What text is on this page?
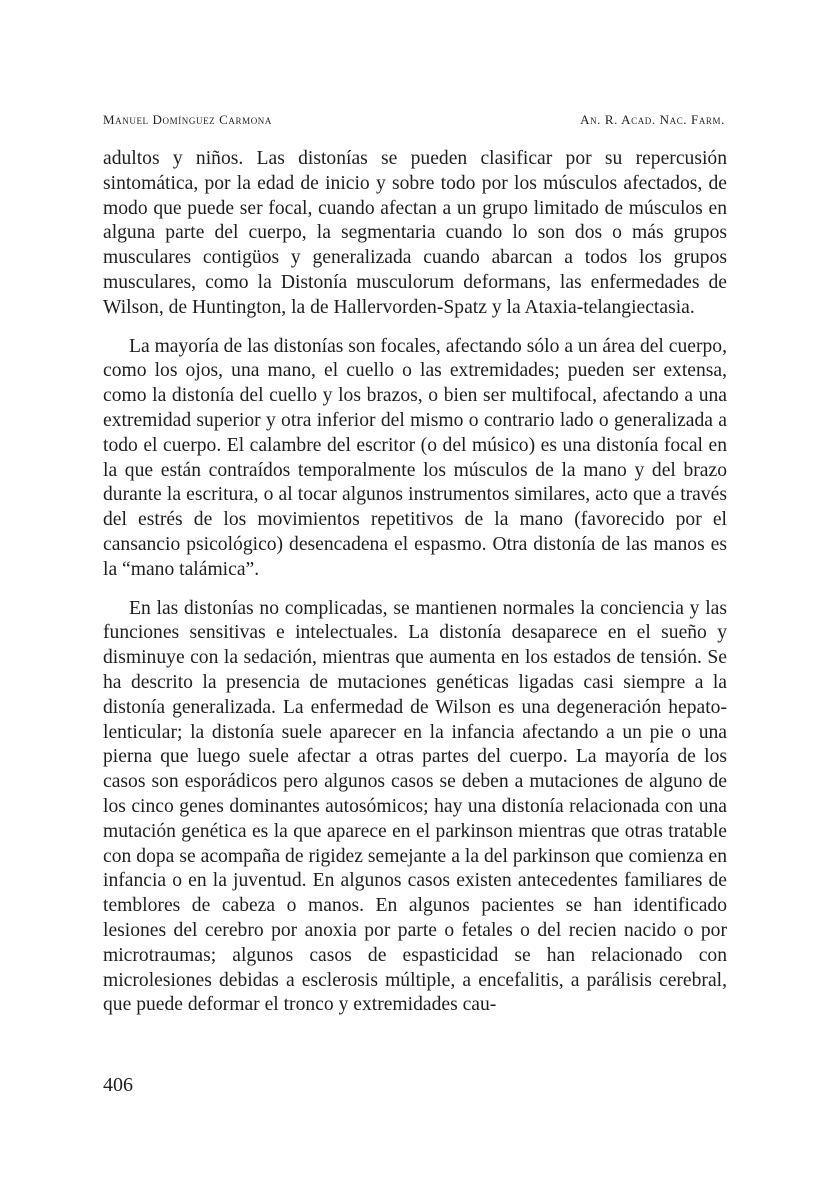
Manuel Domínguez Carmona	An. R. Acad. Nac. Farm.

adultos y niños. Las distonías se pueden clasificar por su repercusión sintomática, por la edad de inicio y sobre todo por los músculos afectados, de modo que puede ser focal, cuando afectan a un grupo limitado de músculos en alguna parte del cuerpo, la segmentaria cuando lo son dos o más grupos musculares contigüos y generalizada cuando abarcan a todos los grupos musculares, como la Distonía musculorum deformans, las enfermedades de Wilson, de Huntington, la de Hallervorden-Spatz y la Ataxia-telangiectasia.

La mayoría de las distonías son focales, afectando sólo a un área del cuerpo, como los ojos, una mano, el cuello o las extremidades; pueden ser extensa, como la distonía del cuello y los brazos, o bien ser multifocal, afectando a una extremidad superior y otra inferior del mismo o contrario lado o generalizada a todo el cuerpo. El calambre del escritor (o del músico) es una distonía focal en la que están contraídos temporalmente los músculos de la mano y del brazo durante la escritura, o al tocar algunos instrumentos similares, acto que a través del estrés de los movimientos repetitivos de la mano (favorecido por el cansancio psicológico) desencadena el espasmo. Otra distonía de las manos es la “mano talámica”.

En las distonías no complicadas, se mantienen normales la conciencia y las funciones sensitivas e intelectuales. La distonía desaparece en el sueño y disminuye con la sedación, mientras que aumenta en los estados de tensión. Se ha descrito la presencia de mutaciones genéticas ligadas casi siempre a la distonía generalizada. La enfermedad de Wilson es una degeneración hepato-lenticular; la distonía suele aparecer en la infancia afectando a un pie o una pierna que luego suele afectar a otras partes del cuerpo. La mayoría de los casos son esporádicos pero algunos casos se deben a mutaciones de alguno de los cinco genes dominantes autosómicos; hay una distonía relacionada con una mutación genética es la que aparece en el parkinson mientras que otras tratable con dopa se acompaña de rigidez semejante a la del parkinson que comienza en infancia o en la juventud. En algunos casos existen antecedentes familiares de temblores de cabeza o manos. En algunos pacientes se han identificado lesiones del cerebro por anoxia por parte o fetales o del recien nacido o por microtraumas; algunos casos de espasticidad se han relacionado con microlesiones debidas a esclerosis múltiple, a encefalitis, a parálisis cerebral, que puede deformar el tronco y extremidades cau-

406
